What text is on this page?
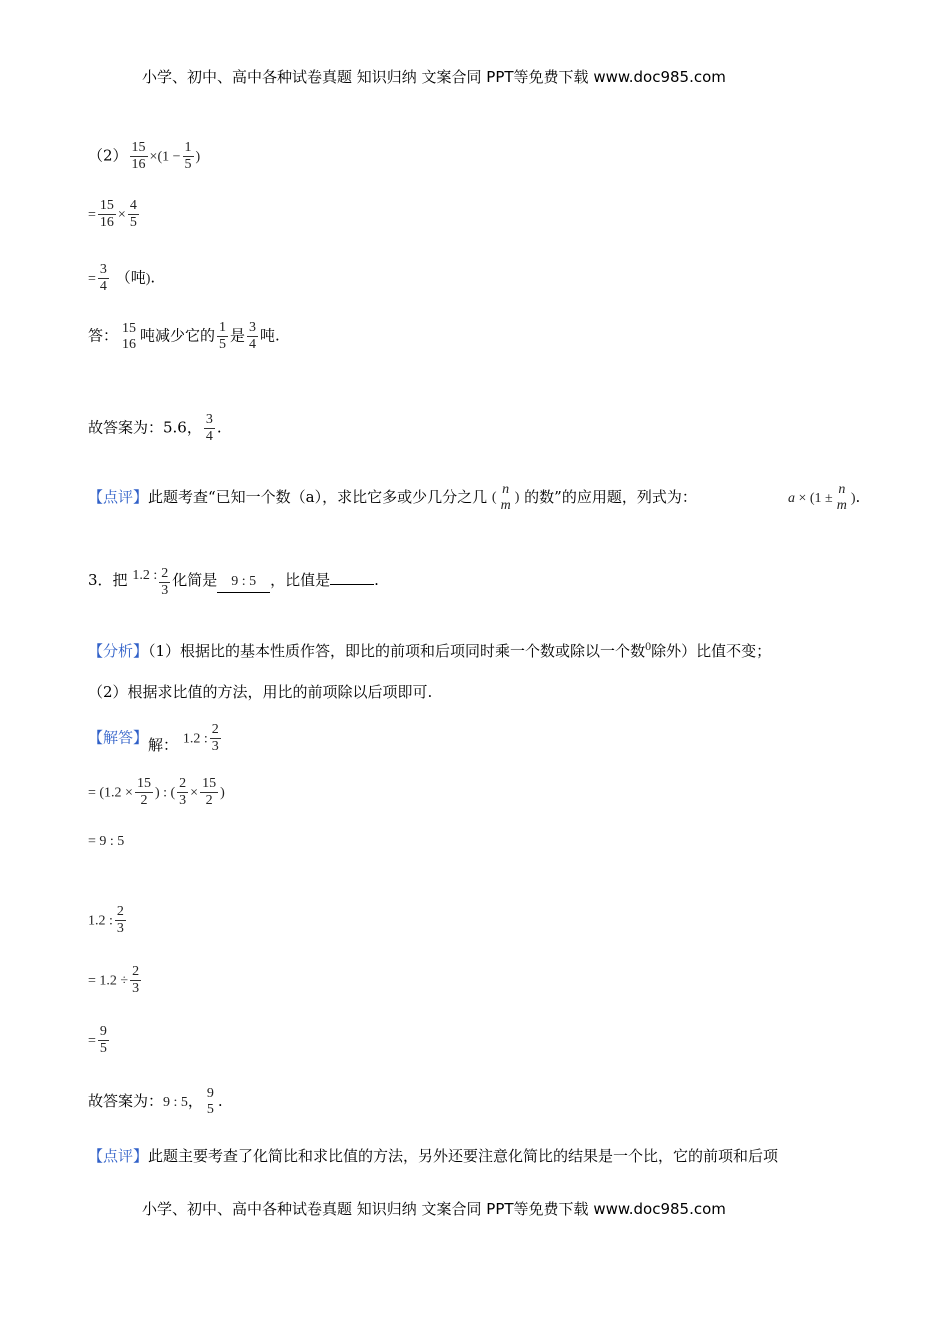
小学、初中、高中各种试卷真题 知识归纳 文案合同 PPT等免费下载 www.doc985.com
$(2) \frac{15}{16} \times(1 - \frac{1}{5}$ )
= $\frac{15}{16} \times \frac{4}{5}$
= $\frac{3}{4}$ （吨).
答： 15
16 吨减少它的 $\frac{1}{5}$ 是 $\frac{3}{4}$ 吨.
故答案为：5.6， $\frac{3}{4}$ .
【点评】此题考查“已知一个数（a），求比它多或少几分之几 (
n
m
) 的数”的应用题，列式为：	a × (1 ±
n
m ).
3．把 1.2 : $\frac{2}{3}$ 化简是 9 : 5 ，比值是	.
【分析】（1）根据比的基本性质作答，即比的前项和后项同时乘一个数或除以一个数$^0$除外）比值不变；
（2）根据求比值的方法，用比的前项除以后项即可.
【解答】解： 1.2 : $\frac{2}{3}$
= ($1.2 \times \frac{15}{2}$ ) : ( $\frac{2}{3} \times \frac{15}{2}$ )
= 9 : 5
1.2 : $\frac{2}{3}$
= $1.2 \div \frac{2}{3}$
= $\frac{9}{5}$
故答案为：9 : 5， 9
5 .
【点评】此题主要考查了化简比和求比值的方法，另外还要注意化简比的结果是一个比，它的前项和后项
小学、初中、高中各种试卷真题 知识归纳 文案合同 PPT等免费下载 www.doc985.com
